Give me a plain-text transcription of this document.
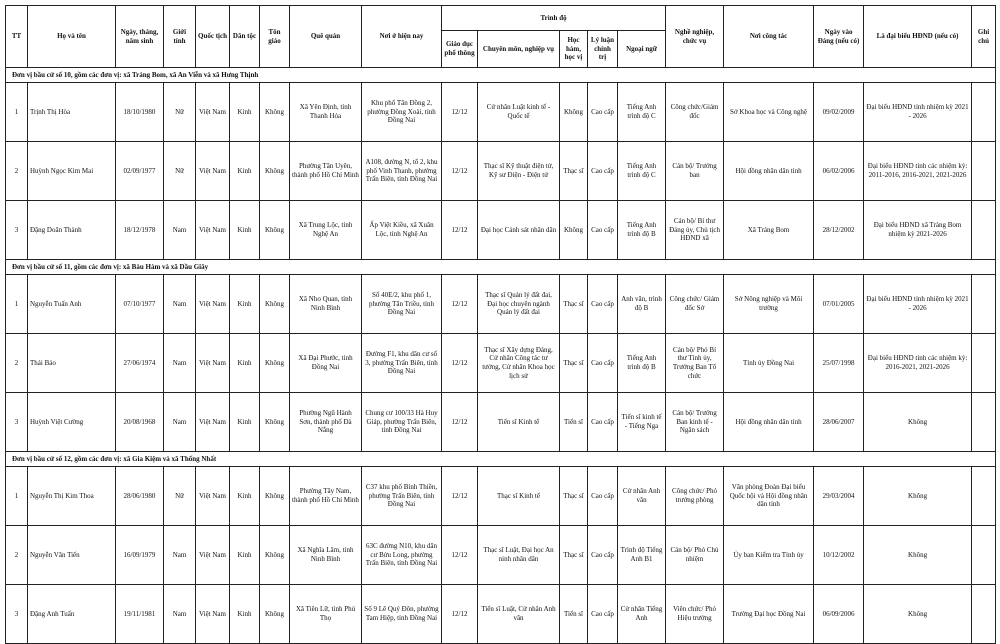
TT	Họ và tên	Ngày, tháng, năm sinh	Giới tính	Quốc tịch	Dân tộc	Tôn giáo	Quê quán	Nơi ở hiện nay	Trình độ					Nghề nghiệp, chức vụ	Nơi công tác	Ngày vào Đảng (nếu có)	Là đại biểu HĐND (nếu có)	Ghi chú
									Giáo dục phổ thông	Chuyên môn, nghiệp vụ	Học hàm, học vị	Lý luận chính trị	Ngoại ngữ					
Đơn vị bầu cử số 10, gồm các đơn vị: xã Trảng Bom, xã An Viễn và xã Hưng Thịnh																		
1	Trịnh Thị Hòa	18/10/1980	Nữ	Việt Nam	Kinh	Không	Xã Yên Định, tỉnh Thanh Hóa	Khu phố Tân Đồng 2, phường Đồng Xoài, tỉnh Đồng Nai	12/12	Cử nhân Luật kinh tế - Quốc tế	Không	Cao cấp	Tiếng Anh trình độ C	Công chức/Giám đốc	Sở Khoa học và Công nghệ	09/02/2009	Đại biểu HĐND tỉnh nhiệm kỳ 2021 - 2026	
2	Huỳnh Ngọc Kim Mai	02/09/1977	Nữ	Việt Nam	Kinh	Không	Phường Tân Uyên, thành phố Hồ Chí Minh	A108, đường N, tổ 2, khu phố Vinh Thanh, phường Trấn Biên, tỉnh Đồng Nai	12/12	Thạc sĩ Kỹ thuật điện tử, Kỹ sư Điện - Điện tử	Thạc sĩ	Cao cấp	Tiếng Anh trình độ C	Cán bộ/ Trưởng ban	Hội đồng nhân dân tỉnh	06/02/2006	Đại biểu HĐND tỉnh các nhiệm kỳ: 2011-2016, 2016-2021, 2021-2026	
3	Đặng Doãn Thành	18/12/1978	Nam	Việt Nam	Kinh	Không	Xã Trung Lộc, tỉnh Nghệ An	Ấp Việt Kiều, xã Xuân Lộc, tỉnh Nghệ An	12/12	Đại học Cảnh sát nhân dân	Không	Cao cấp	Tiếng Anh trình độ B	Cán bộ/ Bí thư Đảng ủy, Chủ tịch HĐND xã	Xã Trảng Bom	28/12/2002	Đại biểu HĐND xã Trảng Bom nhiệm kỳ 2021-2026	
Đơn vị bầu cử số 11, gồm các đơn vị: xã Bàu Hàm và xã Dầu Giây																		
1	Nguyễn Tuấn Anh	07/10/1977	Nam	Việt Nam	Kinh	Không	Xã Nho Quan, tỉnh Ninh Bình	Số 40E/2, khu phố 1, phường Tân Triều, tỉnh Đồng Nai	12/12	Thạc sĩ Quản lý đất đai, Đại học chuyên ngành Quản lý đất đai	Thạc sĩ	Cao cấp	Anh văn, trình độ B	Công chức/ Giám đốc Sở	Sở Nông nghiệp và Môi trường	07/01/2005	Đại biểu HĐND tỉnh nhiệm kỳ 2021 - 2026	
2	Thái Bảo	27/06/1974	Nam	Việt Nam	Kinh	Không	Xã Đại Phước, tỉnh Đồng Nai	Đường F1, khu dân cư số 3, phường Trấn Biên, tỉnh Đồng Nai	12/12	Thạc sĩ Xây dựng Đảng, Cử nhân Công tác tư tưởng, Cử nhân Khoa học lịch sử	Thạc sĩ	Cao cấp	Tiếng Anh trình độ B	Cán bộ/ Phó Bí thư Tỉnh ủy, Trưởng Ban Tổ chức	Tỉnh ủy Đồng Nai	25/07/1998	Đại biểu HĐND tỉnh các nhiệm kỳ: 2016-2021, 2021-2026	
3	Huỳnh Việt Cường	20/08/1968	Nam	Việt Nam	Kinh	Không	Phường Ngũ Hành Sơn, thành phố Đà Nẵng	Chung cư 100/33 Hà Huy Giáp, phường Trấn Biên, tỉnh Đồng Nai	12/12	Tiến sĩ Kinh tế	Tiến sĩ	Cao cấp	Tiến sĩ kinh tế - Tiếng Nga	Cán bộ/ Trưởng Ban kinh tế - Ngân sách	Hội đồng nhân dân tỉnh	28/06/2007	Không	
Đơn vị bầu cử số 12, gồm các đơn vị: xã Gia Kiệm và xã Thống Nhất																		
1	Nguyễn Thị Kim Thoa	28/06/1980	Nữ	Việt Nam	Kinh	Không	Phường Tây Nam, thành phố Hồ Chí Minh	C37 khu phố Bình Thiền, phường Trấn Biên, tỉnh Đồng Nai	12/12	Thạc sĩ Kinh tế	Thạc sĩ	Cao cấp	Cử nhân Anh văn	Công chức/ Phó trưởng phòng	Văn phòng Đoàn Đại biểu Quốc hội và Hội đồng nhân dân tỉnh	29/03/2004	Không	
2	Nguyễn Văn Tiến	16/09/1979	Nam	Việt Nam	Kinh	Không	Xã Nghĩa Lâm, tỉnh Ninh Bình	63C đường N10, khu dân cư Bửu Long, phường Trấn Biên, tỉnh Đồng Nai	12/12	Thạc sĩ Luật, Đại học An ninh nhân dân	Thạc sĩ	Cao cấp	Trình độ Tiếng Anh B1	Cán bộ/ Phó Chủ nhiệm	Ủy ban Kiểm tra Tỉnh ủy	10/12/2002	Không	
3	Đặng Anh Tuấn	19/11/1981	Nam	Việt Nam	Kinh	Không	Xã Tiên Lữ, tỉnh Phú Thọ	Số 9 Lê Quý Đôn, phường Tam Hiệp, tỉnh Đồng Nai	12/12	Tiến sĩ Luật, Cử nhân Anh văn	Tiến sĩ	Cao cấp	Cử nhân Tiếng Anh	Viên chức/ Phó Hiệu trưởng	Trường Đại học Đồng Nai	06/09/2006	Không	
